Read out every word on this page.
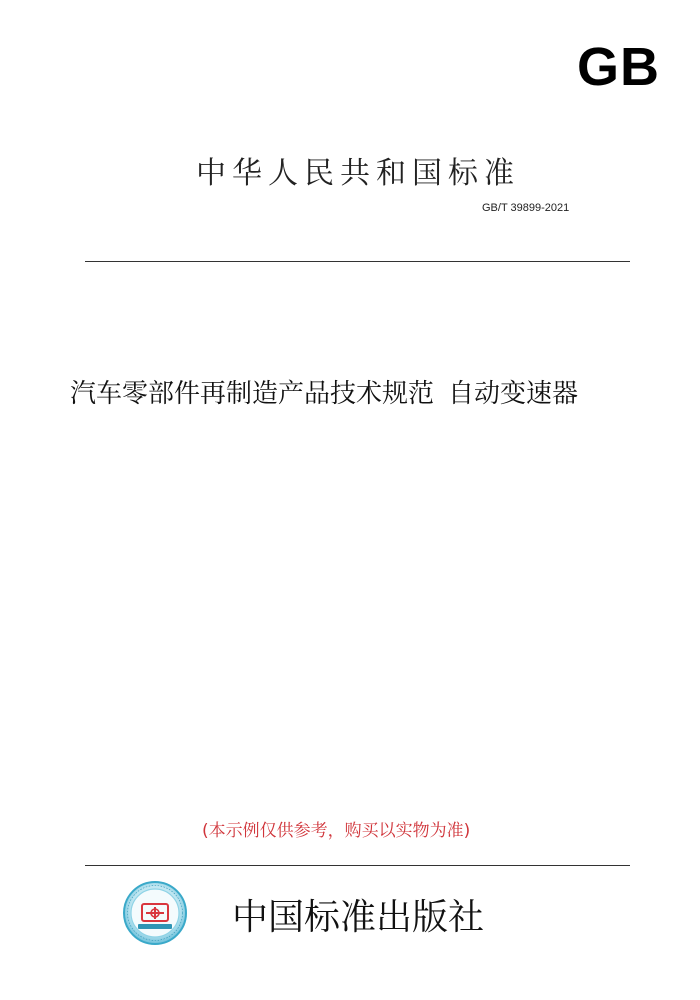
GB
中华人民共和国标准
GB/T 39899-2021
汽车零部件再制造产品技术规范 自动变速器
(本示例仅供参考，购买以实物为准)
中国标准出版社
